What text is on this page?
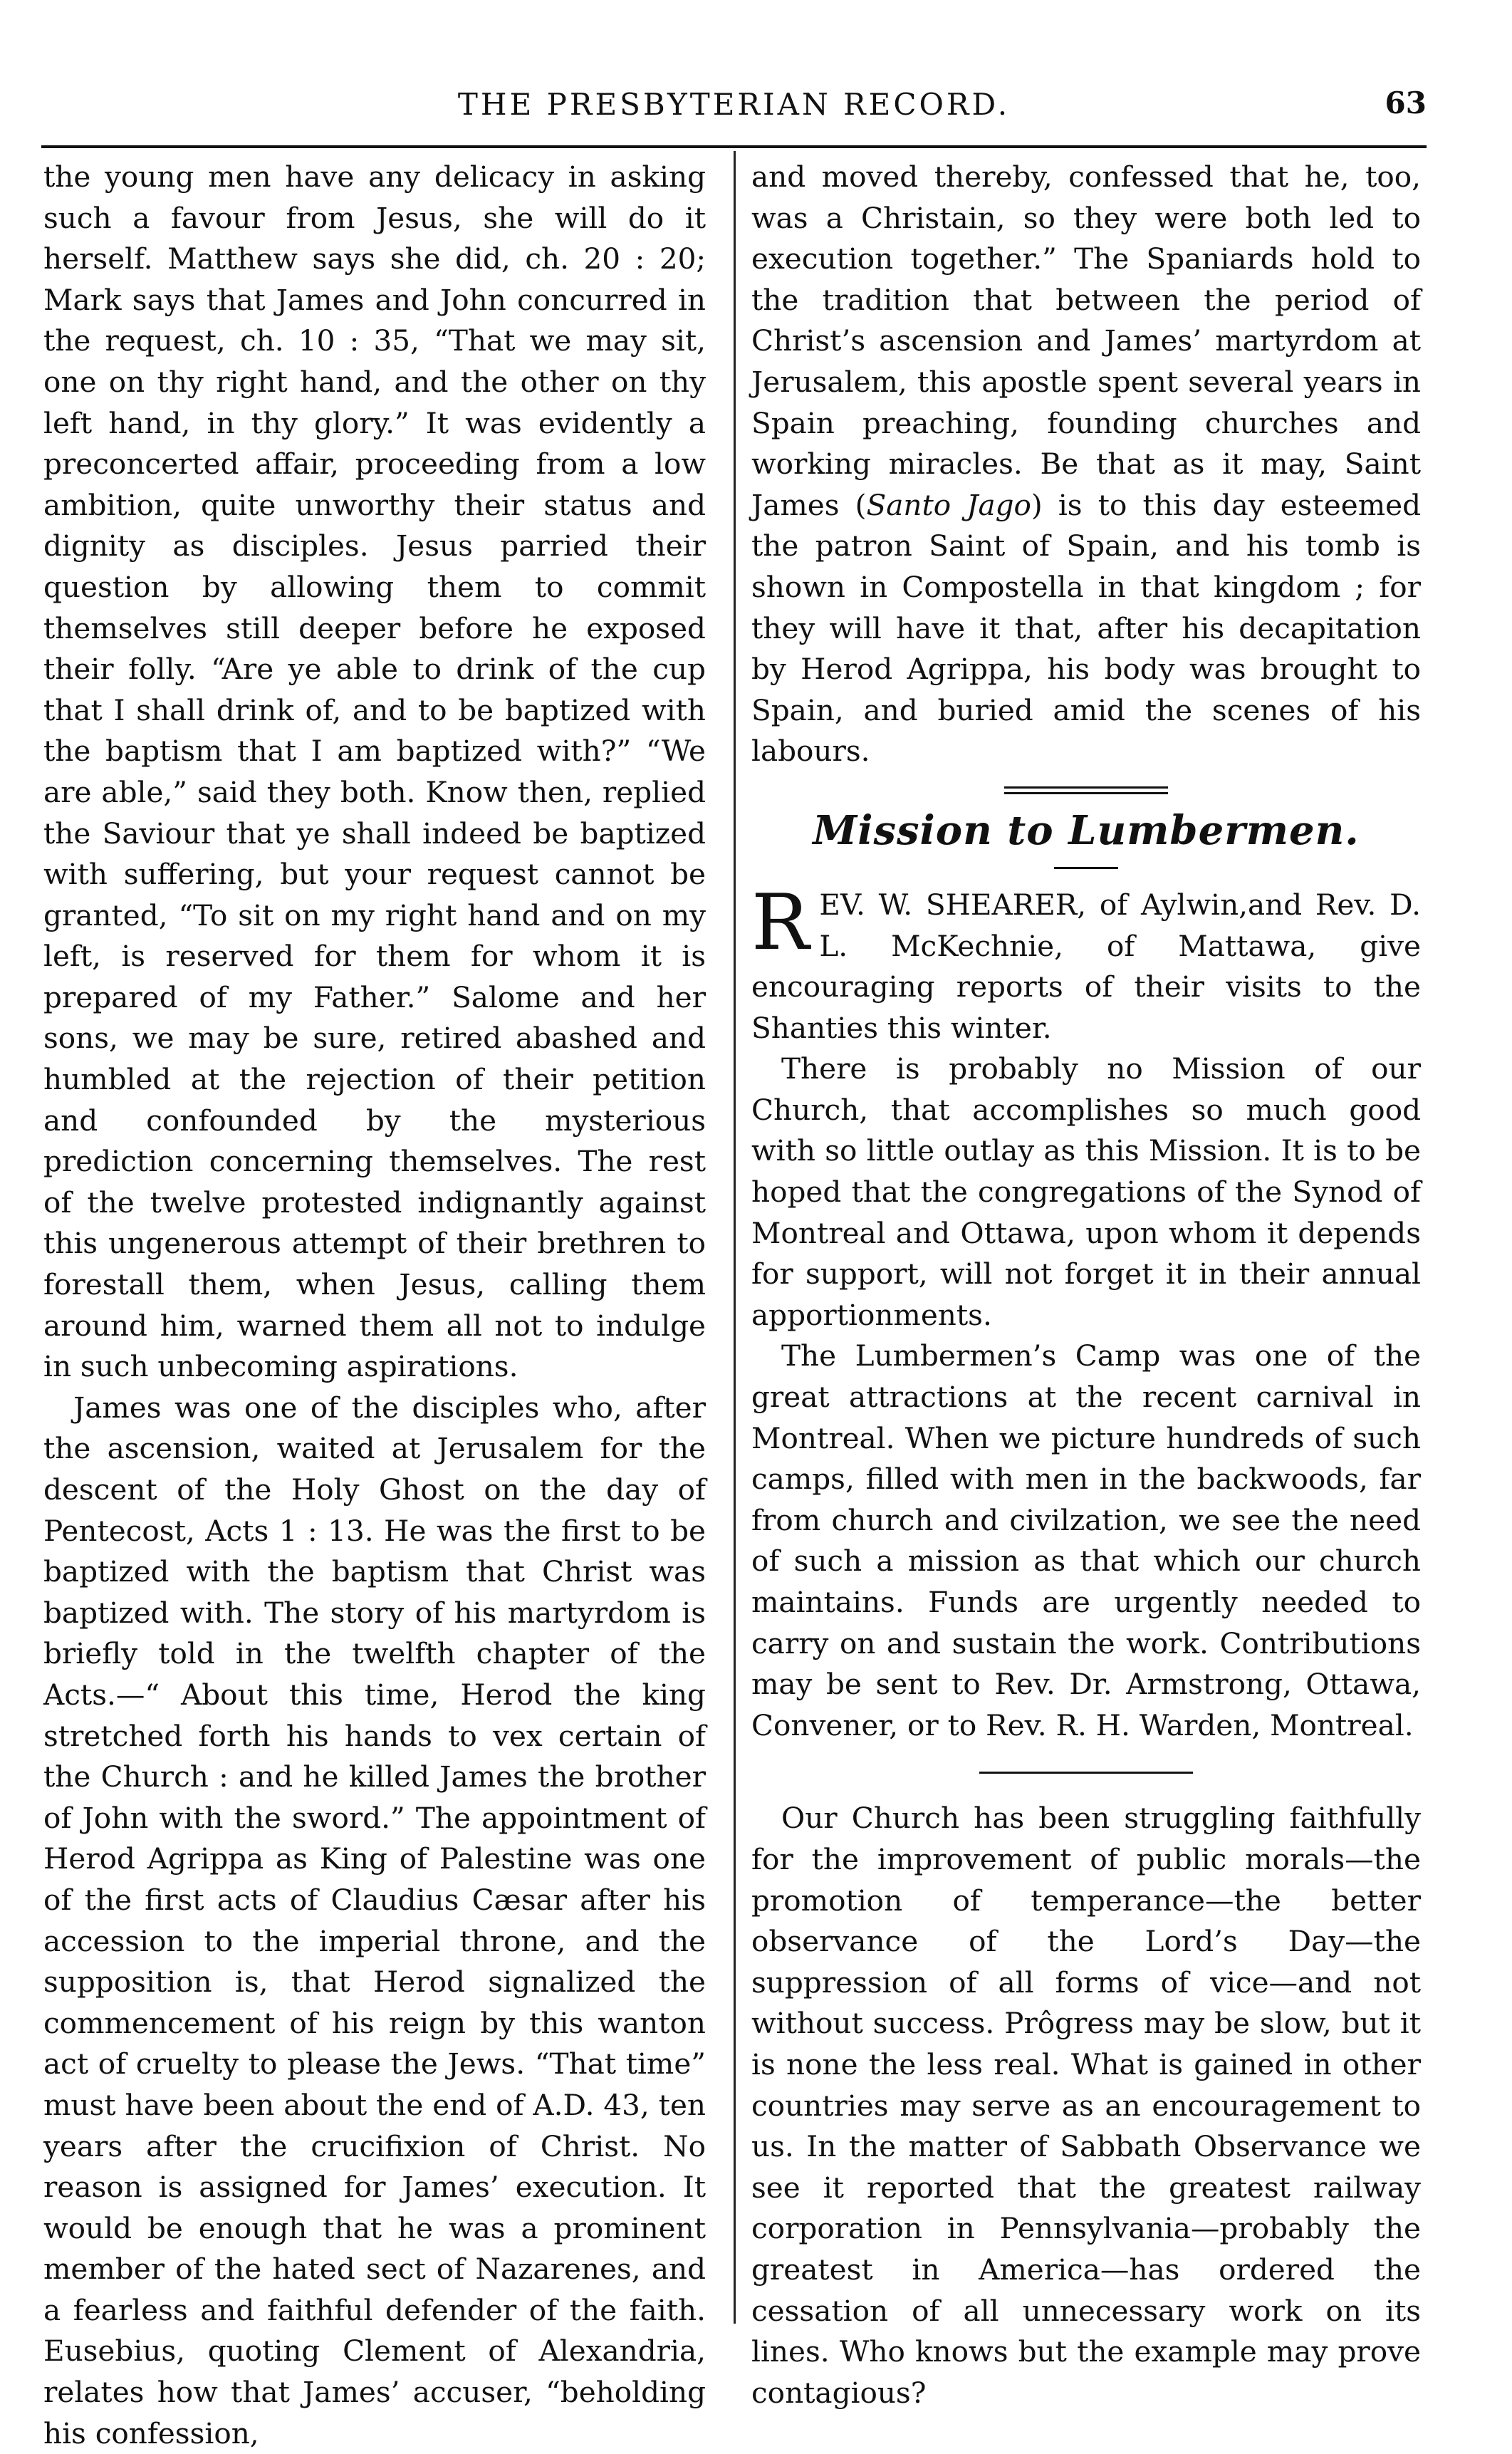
THE PRESBYTERIAN RECORD.	63

the young men have any delicacy in asking such a favour from Jesus, she will do it herself. Matthew says she did, ch. 20 : 20; Mark says that James and John concurred in the request, ch. 10 : 35, “That we may sit, one on thy right hand, and the other on thy left hand, in thy glory.” It was evidently a preconcerted affair, proceeding from a low ambition, quite unworthy their status and dignity as disciples. Jesus parried their question by allowing them to commit themselves still deeper before he exposed their folly. “Are ye able to drink of the cup that I shall drink of, and to be baptized with the baptism that I am baptized with?” “We are able,” said they both. Know then, replied the Saviour that ye shall indeed be baptized with suffering, but your request cannot be granted, “To sit on my right hand and on my left, is reserved for them for whom it is prepared of my Father.” Salome and her sons, we may be sure, retired abashed and humbled at the rejection of their petition and confounded by the mysterious prediction concerning themselves. The rest of the twelve protested indignantly against this ungenerous attempt of their brethren to forestall them, when Jesus, calling them around him, warned them all not to indulge in such unbecoming aspirations.

James was one of the disciples who, after the ascension, waited at Jerusalem for the descent of the Holy Ghost on the day of Pentecost, Acts 1 : 13. He was the first to be baptized with the baptism that Christ was baptized with. The story of his martyrdom is briefly told in the twelfth chapter of the Acts.—“ About this time, Herod the king stretched forth his hands to vex certain of the Church : and he killed James the brother of John with the sword.” The appointment of Herod Agrippa as King of Palestine was one of the first acts of Claudius Cæsar after his accession to the imperial throne, and the supposition is, that Herod signalized the commencement of his reign by this wanton act of cruelty to please the Jews. “That time” must have been about the end of A.D. 43, ten years after the crucifixion of Christ. No reason is assigned for James’ execution. It would be enough that he was a prominent member of the hated sect of Nazarenes, and a fearless and faithful defender of the faith. Eusebius, quoting Clement of Alexandria, relates how that James’ accuser, “beholding his confession,

and moved thereby, confessed that he, too, was a Christain, so they were both led to execution together.” The Spaniards hold to the tradition that between the period of Christ’s ascension and James’ martyrdom at Jerusalem, this apostle spent several years in Spain preaching, founding churches and working miracles. Be that as it may, Saint James (Santo Jago) is to this day esteemed the patron Saint of Spain, and his tomb is shown in Compostella in that kingdom ; for they will have it that, after his decapitation by Herod Agrippa, his body was brought to Spain, and buried amid the scenes of his labours.

Mission to Lumbermen.

REV. W. SHEARER, of Aylwin,and Rev. D. L. McKechnie, of Mattawa, give encouraging reports of their visits to the Shanties this winter.

There is probably no Mission of our Church, that accomplishes so much good with so little outlay as this Mission. It is to be hoped that the congregations of the Synod of Montreal and Ottawa, upon whom it depends for support, will not forget it in their annual apportionments.

The Lumbermen’s Camp was one of the great attractions at the recent carnival in Montreal. When we picture hundreds of such camps, filled with men in the backwoods, far from church and civilzation, we see the need of such a mission as that which our church maintains. Funds are urgently needed to carry on and sustain the work. Contributions may be sent to Rev. Dr. Armstrong, Ottawa, Convener, or to Rev. R. H. Warden, Montreal.

Our Church has been struggling faithfully for the improvement of public morals—the promotion of temperance—the better observance of the Lord’s Day—the suppression of all forms of vice—and not without success. Prôgress may be slow, but it is none the less real. What is gained in other countries may serve as an encouragement to us. In the matter of Sabbath Observance we see it reported that the greatest railway corporation in Pennsylvania—probably the greatest in America—has ordered the cessation of all unnecessary work on its lines. Who knows but the example may prove contagious?
